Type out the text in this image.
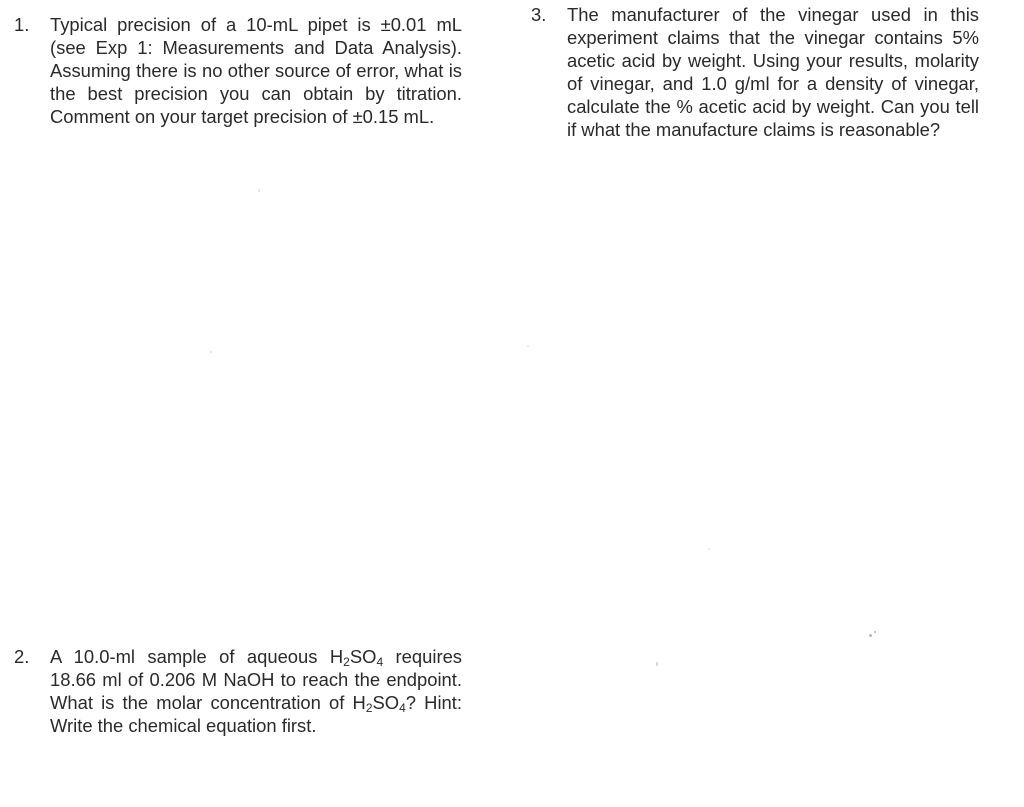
1. Typical precision of a 10-mL pipet is ±0.01 mL (see Exp 1: Measurements and Data Analysis). Assuming there is no other source of error, what is the best precision you can obtain by titration. Comment on your target precision of ±0.15 mL.
2. A 10.0-ml sample of aqueous $H_2SO_4$ requires 18.66 ml of 0.206 M NaOH to reach the endpoint. What is the molar concentration of $H_2SO_4$? Hint: Write the chemical equation first.
3. The manufacturer of the vinegar used in this experiment claims that the vinegar contains 5% acetic acid by weight. Using your results, molarity of vinegar, and 1.0 g/ml for a density of vinegar, calculate the % acetic acid by weight. Can you tell if what the manufacture claims is reasonable?
